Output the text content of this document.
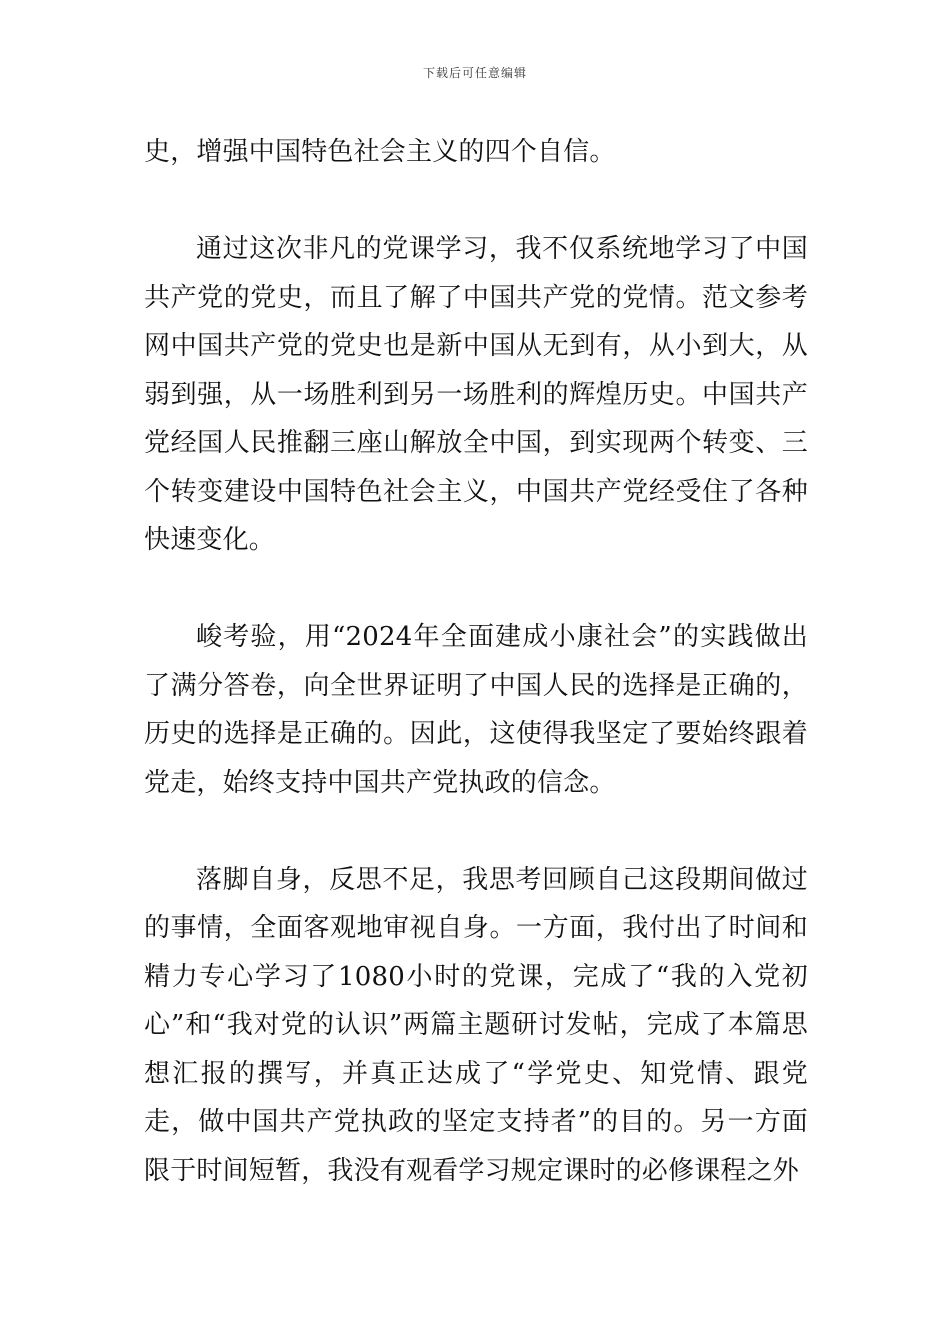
下载后可任意编辑

史，增强中国特色社会主义的四个自信。

通过这次非凡的党课学习，我不仅系统地学习了中国共产党的党史，而且了解了中国共产党的党情。范文参考网中国共产党的党史也是新中国从无到有，从小到大，从弱到强，从一场胜利到另一场胜利的辉煌历史。中国共产党经国人民推翻三座山解放全中国，到实现两个转变、三个转变建设中国特色社会主义，中国共产党经受住了各种快速变化。

峻考验，用“2024年全面建成小康社会”的实践做出了满分答卷，向全世界证明了中国人民的选择是正确的，历史的选择是正确的。因此，这使得我坚定了要始终跟着党走，始终支持中国共产党执政的信念。

落脚自身，反思不足，我思考回顾自己这段期间做过的事情，全面客观地审视自身。一方面，我付出了时间和精力专心学习了1080小时的党课，完成了“我的入党初心”和“我对党的认识”两篇主题研讨发帖，完成了本篇思想汇报的撰写，并真正达成了“学党史、知党情、跟党走，做中国共产党执政的坚定支持者”的目的。另一方面限于时间短暂，我没有观看学习规定课时的必修课程之外
